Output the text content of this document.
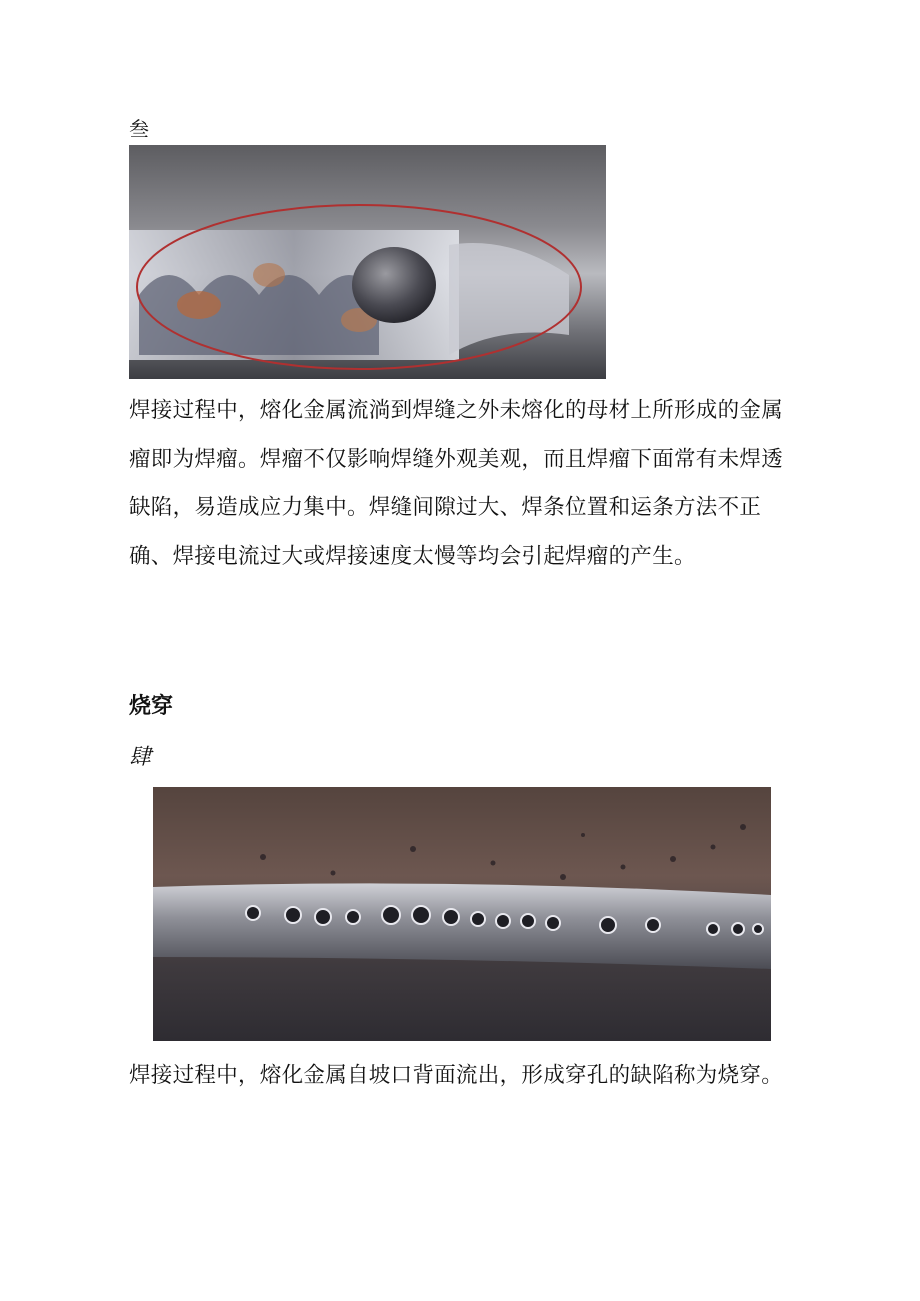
叁

焊接过程中，熔化金属流淌到焊缝之外未熔化的母材上所形成的金属瘤即为焊瘤。焊瘤不仅影响焊缝外观美观，而且焊瘤下面常有未焊透缺陷，易造成应力集中。焊缝间隙过大、焊条位置和运条方法不正确、焊接电流过大或焊接速度太慢等均会引起焊瘤的产生。

烧穿
肆

焊接过程中，熔化金属自坡口背面流出，形成穿孔的缺陷称为烧穿。
